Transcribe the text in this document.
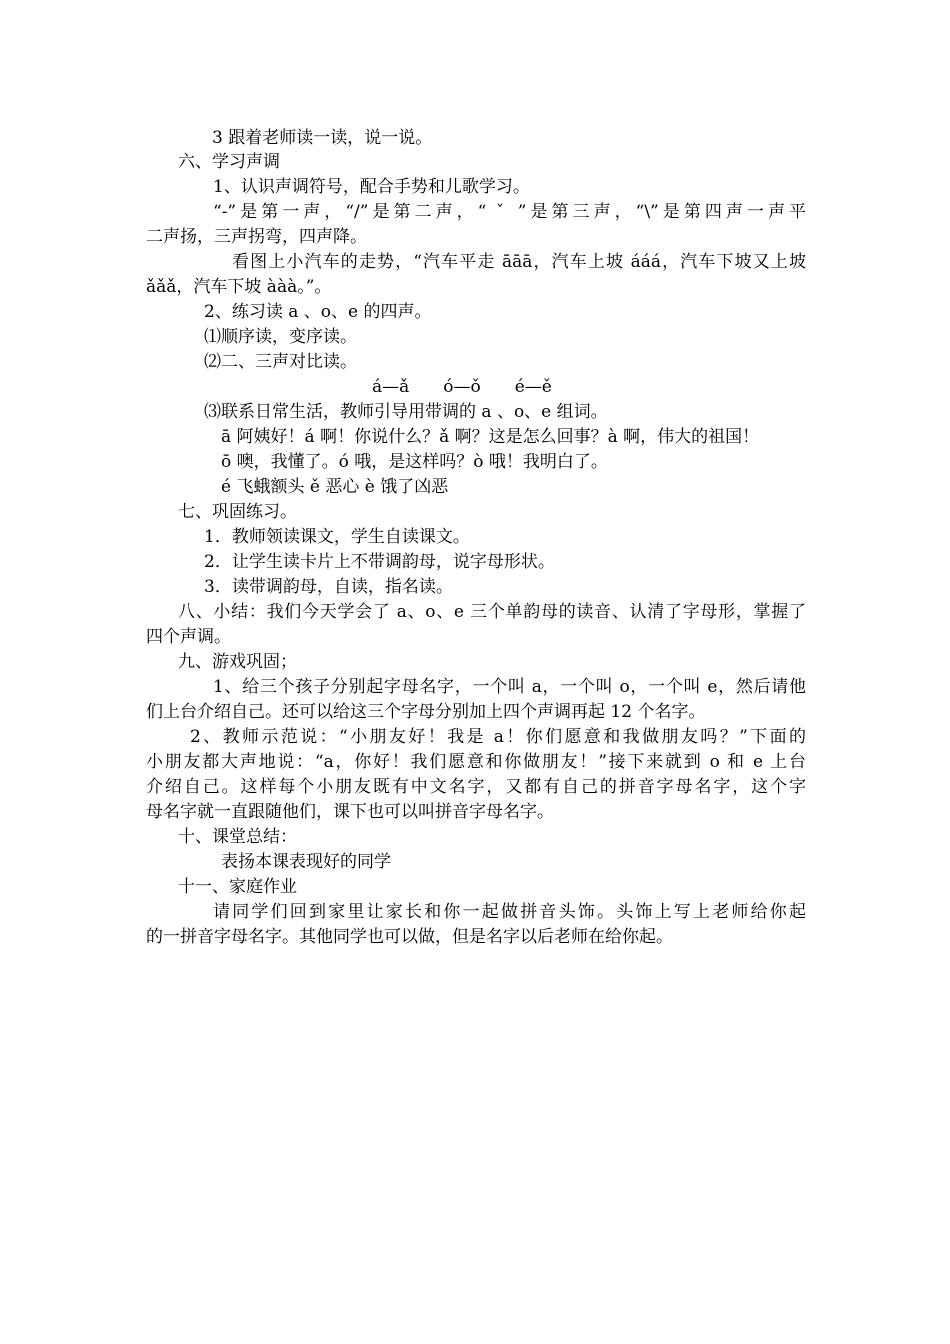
3 跟着老师读一读，说一说。
六、学习声调
1、认识声调符号，配合手势和儿歌学习。
“-”是第一声，“/”是第二声，“ ˇ ”是第三声，“\”是第四声一声平
二声扬，三声拐弯，四声降。
看图上小汽车的走势，“汽车平走 āāā，汽车上坡 ááá，汽车下坡又上坡
ǎǎǎ，汽车下坡 ààà。”。
2、练习读 a 、o、e 的四声。
⑴顺序读，变序读。
⑵二、三声对比读。
á—ǎ　　ó—ǒ　　é—ě
⑶联系日常生活，教师引导用带调的 a 、o、e 组词。
ā 阿姨好！á 啊！你说什么？ǎ 啊？这是怎么回事？à 啊，伟大的祖国！
ō 噢，我懂了。ó 哦，是这样吗？ò 哦！我明白了。
é 飞蛾额头 ě 恶心 è 饿了凶恶
七、巩固练习。
1．教师领读课文，学生自读课文。
2．让学生读卡片上不带调韵母，说字母形状。
3．读带调韵母，自读，指名读。
八、小结：我们今天学会了 a、o、e 三个单韵母的读音、认清了字母形，掌握了
四个声调。
九、游戏巩固；
1、给三个孩子分别起字母名字，一个叫 a，一个叫 o，一个叫 e，然后请他
们上台介绍自己。还可以给这三个字母分别加上四个声调再起 12 个名字。
2、教师示范说：“小朋友好！我是 a！你们愿意和我做朋友吗？”下面的
小朋友都大声地说：“a，你好！我们愿意和你做朋友！”接下来就到 o 和 e 上台
介绍自己。这样每个小朋友既有中文名字，又都有自己的拼音字母名字，这个字
母名字就一直跟随他们，课下也可以叫拼音字母名字。
十、课堂总结：
表扬本课表现好的同学
十一、家庭作业
请同学们回到家里让家长和你一起做拼音头饰。头饰上写上老师给你起
的一拼音字母名字。其他同学也可以做，但是名字以后老师在给你起。
